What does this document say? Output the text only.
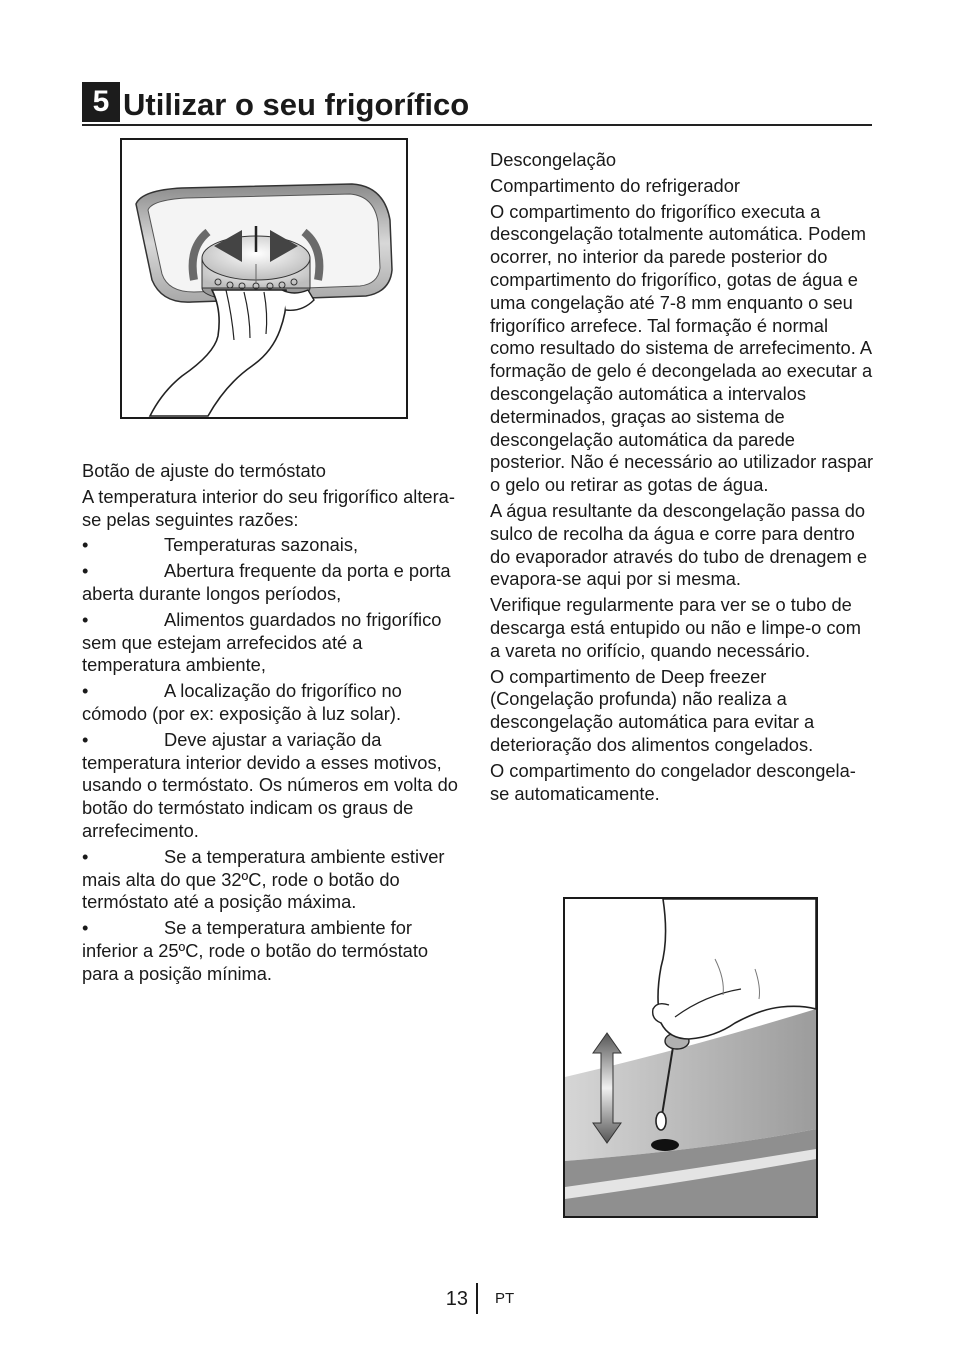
5 Utilizar o seu frigorífico

Botão de ajuste do termóstato

A temperatura interior do seu frigorífico altera-se pelas seguintes razões:

•	Temperaturas sazonais,

•	Abertura frequente da porta e porta aberta durante longos períodos,

•	Alimentos guardados no frigorífico sem que estejam arrefecidos até a temperatura ambiente,

•	A localização do frigorífico no cómodo (por ex: exposição à luz solar).

•	Deve ajustar a variação da temperatura interior devido a esses motivos, usando o termóstato. Os números em volta do botão do termóstato indicam os graus de arrefecimento.

•	Se a temperatura ambiente estiver mais alta do que 32ºC, rode o botão do termóstato até a posição máxima.

•	Se a temperatura ambiente for inferior a 25ºC, rode o botão do termóstato para a posição mínima.

Descongelação

Compartimento do refrigerador

O compartimento do frigorífico executa a descongelação totalmente automática. Podem ocorrer, no interior da parede posterior do compartimento do frigorífico, gotas de água e uma congelação até 7-8 mm enquanto o seu frigorífico arrefece. Tal formação é normal como resultado do sistema de arrefecimento. A formação de gelo é decongelada ao executar a descongelação automática a intervalos determinados, graças ao sistema de descongelação automática da parede posterior. Não é necessário ao utilizador raspar o gelo ou retirar as gotas de água.

A água resultante da descongelação passa do sulco de recolha da água e corre para dentro do evaporador através do tubo de drenagem e evapora-se aqui por si mesma.

Verifique regularmente para ver se o tubo de descarga está entupido ou não e limpe-o com a vareta no orifício, quando necessário.

O compartimento de Deep freezer (Congelação profunda) não realiza a descongelação automática para evitar a deterioração dos alimentos congelados.

O compartimento do congelador descongela-se automaticamente.

13 PT
